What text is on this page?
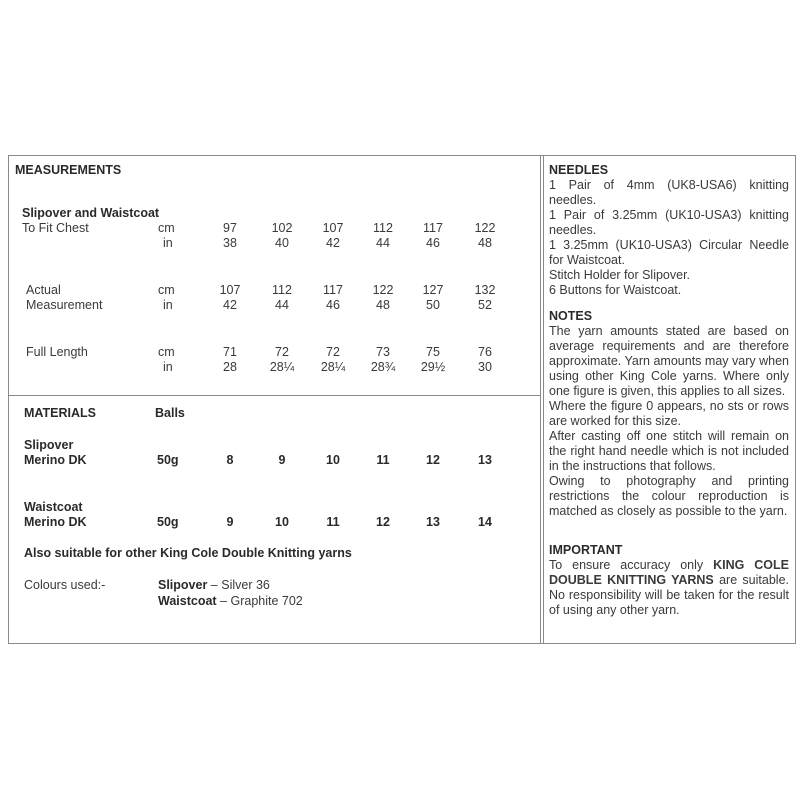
MEASUREMENTS
Slipover and Waistcoat
To Fit Chest	cm	97	102	107	112	117	122
in	38	40	42	44	46	48
Actual	cm	107	112	117	122	127	132
Measurement	in	42	44	46	48	50	52
Full Length	cm	71	72	72	73	75	76
in	28	28¼	28¼	28¾	29½	30
MATERIALS	Balls
Slipover
Merino DK	50g	8	9	10	11	12	13
Waistcoat
Merino DK	50g	9	10	11	12	13	14
Also suitable for other King Cole Double Knitting yarns
Colours used:-	Slipover – Silver 36
Waistcoat – Graphite 702

NEEDLES

1 Pair of 4mm (UK8-USA6) knitting needles.

1 Pair of 3.25mm (UK10-USA3) knitting needles.

1 3.25mm (UK10-USA3) Circular Needle for Waistcoat.

Stitch Holder for Slipover.

6 Buttons for Waistcoat.

NOTES

The yarn amounts stated are based on average requirements and are therefore approximate. Yarn amounts may vary when using other King Cole yarns. Where only one figure is given, this applies to all sizes.

Where the figure 0 appears, no sts or rows are worked for this size.

After casting off one stitch will remain on the right hand needle which is not included in the instructions that follows.

Owing to photography and printing restrictions the colour reproduction is matched as closely as possible to the yarn.

IMPORTANT

To ensure accuracy only KING COLE DOUBLE KNITTING YARNS are suitable. No responsibility will be taken for the result of using any other yarn.
